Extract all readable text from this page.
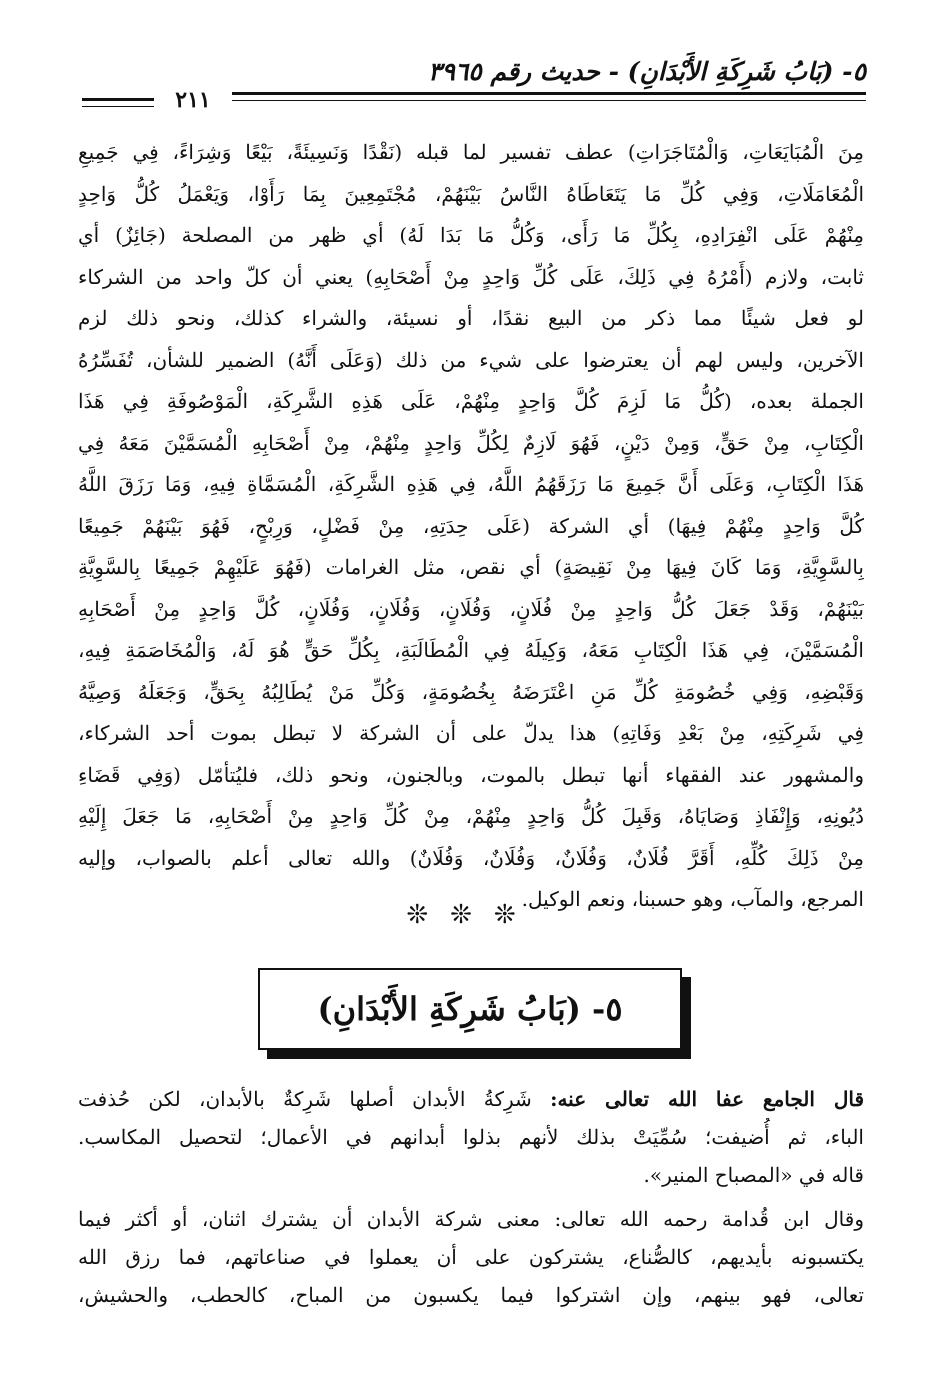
٥- (بَابُ شَرِكَةِ الأَبْدَانِ) - حديث رقم ٣٩٦٥
٢١١
مِنَ الْمُبَايَعَاتِ، وَالْمُتَاجَرَاتِ) عطف تفسير لما قبله (نَقْدًا وَنَسِيئَةً، بَيْعًا وَشِرَاءً، فِي جَمِيعِ
الْمُعَامَلَاتِ، وَفِي كُلِّ مَا يَتَعَاطَاهُ النَّاسُ بَيْنَهُمْ، مُجْتَمِعِينَ بِمَا رَأَوْا، وَيَعْمَلُ كُلُّ وَاحِدٍ
مِنْهُمْ عَلَى انْفِرَادِهِ، بِكُلِّ مَا رَأَى، وَكُلُّ مَا بَدَا لَهُ) أي ظهر من المصلحة (جَائِزٌ) أي
ثابت، ولازم (أَمْرُهُ فِي ذَلِكَ، عَلَى كُلِّ وَاحِدٍ مِنْ أَصْحَابِهِ) يعني أن كلّ واحد من الشركاء
لو فعل شيئًا مما ذكر من البيع نقدًا، أو نسيئة، والشراء كذلك، ونحو ذلك لزم
الآخرين، وليس لهم أن يعترضوا على شيء من ذلك (وَعَلَى أَنَّهُ) الضمير للشأن، تُفَسِّرُهُ
الجملة بعده، (كُلُّ مَا لَزِمَ كُلَّ وَاحِدٍ مِنْهُمْ، عَلَى هَذِهِ الشَّرِكَةِ، الْمَوْصُوفَةِ فِي هَذَا
الْكِتَابِ، مِنْ حَقٍّ، وَمِنْ دَيْنٍ، فَهُوَ لَازِمٌ لِكُلِّ وَاحِدٍ مِنْهُمْ، مِنْ أَصْحَابِهِ الْمُسَمَّيْنَ مَعَهُ فِي
هَذَا الْكِتَابِ، وَعَلَى أَنَّ جَمِيعَ مَا رَزَقَهُمُ اللَّهُ، فِي هَذِهِ الشَّرِكَةِ، الْمُسَمَّاةِ فِيهِ، وَمَا رَزَقَ اللَّهُ
كُلَّ وَاحِدٍ مِنْهُمْ فِيهَا) أي الشركة (عَلَى حِدَتِهِ، مِنْ فَضْلٍ، وَرِبْحٍ، فَهُوَ بَيْنَهُمْ جَمِيعًا
بِالسَّوِيَّةِ، وَمَا كَانَ فِيهَا مِنْ نَقِيصَةٍ) أي نقص، مثل الغرامات (فَهُوَ عَلَيْهِمْ جَمِيعًا بِالسَّوِيَّةِ
بَيْنَهُمْ، وَقَدْ جَعَلَ كُلُّ وَاحِدٍ مِنْ فُلَانٍ، وَفُلَانٍ، وَفُلَانٍ، وَفُلَانٍ، كُلَّ وَاحِدٍ مِنْ أَصْحَابِهِ
الْمُسَمَّيْنَ، فِي هَذَا الْكِتَابِ مَعَهُ، وَكِيلَهُ فِي الْمُطَالَبَةِ، بِكُلِّ حَقٍّ هُوَ لَهُ، وَالْمُخَاصَمَةِ فِيهِ،
وَقَبْضِهِ، وَفِي خُصُومَةِ كُلِّ مَنِ اعْتَرَضَهُ بِخُصُومَةٍ، وَكُلِّ مَنْ يُطَالِبُهُ بِحَقٍّ، وَجَعَلَهُ وَصِيَّهُ
فِي شَرِكَتِهِ، مِنْ بَعْدِ وَفَاتِهِ) هذا يدلّ على أن الشركة لا تبطل بموت أحد الشركاء،
والمشهور عند الفقهاء أنها تبطل بالموت، وبالجنون، ونحو ذلك، فليُتأمّل (وَفِي قَضَاءِ
دُيُونِهِ، وَإِنْفَاذِ وَصَايَاهُ، وَقَبِلَ كُلُّ وَاحِدٍ مِنْهُمْ، مِنْ كُلِّ وَاحِدٍ مِنْ أَصْحَابِهِ، مَا جَعَلَ إِلَيْهِ
مِنْ ذَلِكَ كُلِّهِ، أَقَرَّ فُلَانٌ، وَفُلَانٌ، وَفُلَانٌ، وَفُلَانٌ) والله تعالى أعلم بالصواب، وإليه
المرجع، والمآب، وهو حسبنا، ونعم الوكيل.
❊❊❊
٥- (بَابُ شَرِكَةِ الأَبْدَانِ)
قال الجامع عفا الله تعالى عنه: شَرِكةُ الأبدان أصلها شَرِكةٌ بالأبدان، لكن حُذفت
الباء، ثم أُضيفت؛ سُمِّيَتْ بذلك لأنهم بذلوا أبدانهم في الأعمال؛ لتحصيل المكاسب.
قاله في «المصباح المنير».
وقال ابن قُدامة رحمه الله تعالى: معنى شركة الأبدان أن يشترك اثنان، أو أكثر فيما
يكتسبونه بأيديهم، كالصُّناع، يشتركون على أن يعملوا في صناعاتهم، فما رزق الله
تعالى، فهو بينهم، وإن اشتركوا فيما يكسبون من المباح، كالحطب، والحشيش،
